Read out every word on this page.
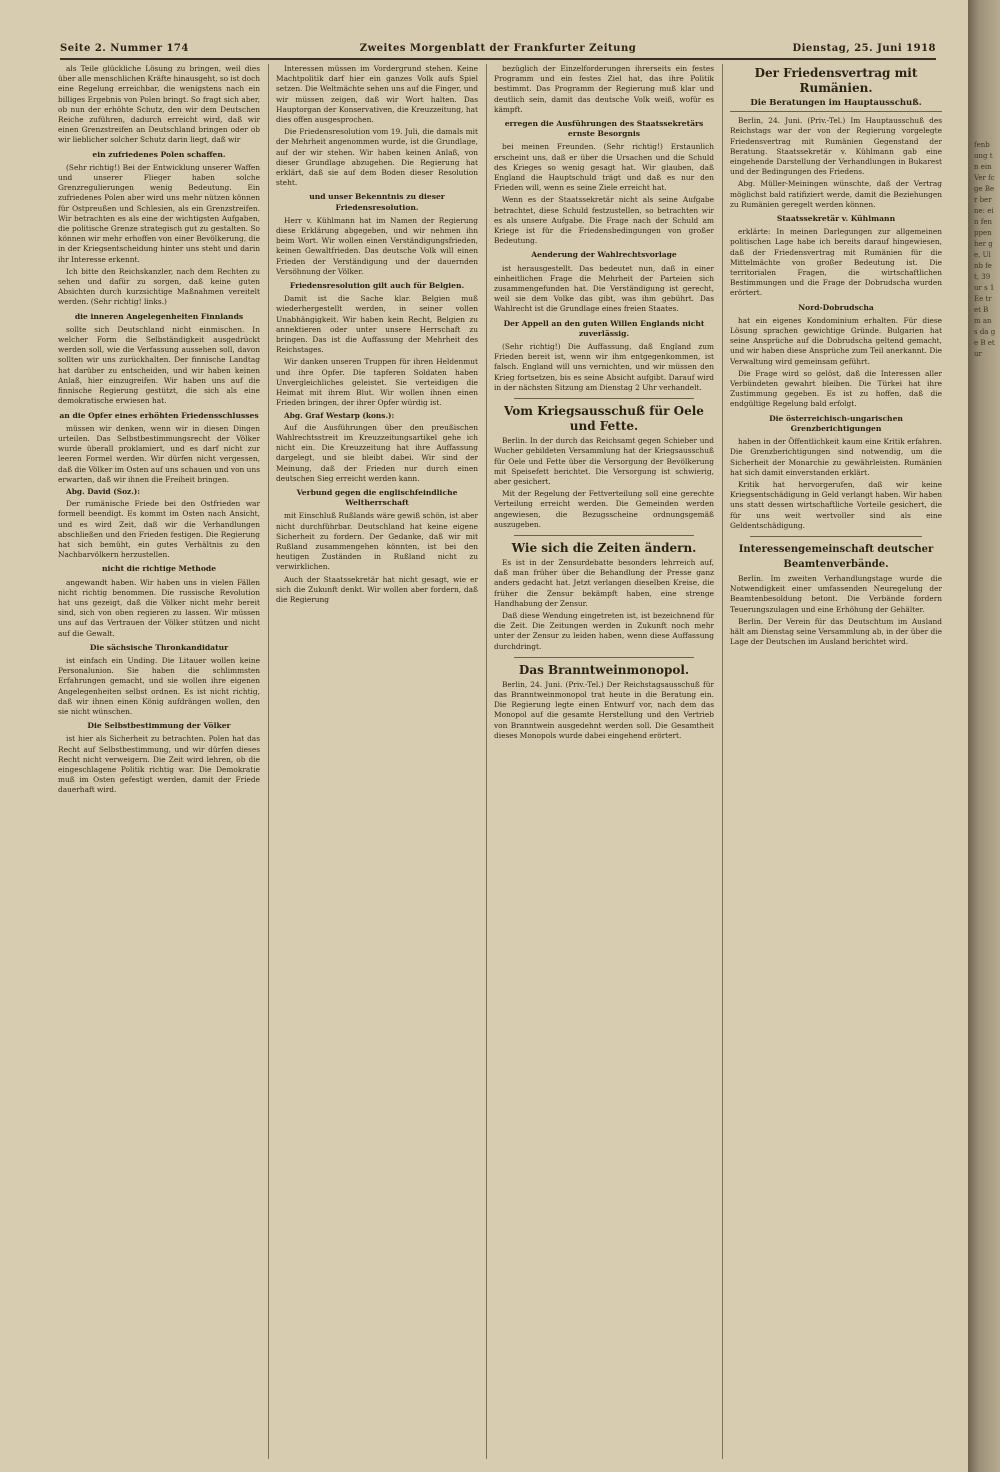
fenb ung tn ein Ver fcge Ber ber ne: ein fen ppen her ge, Ul nb fe t, 39 ur s 1 Ee tr et B m an s da ge B et ur
Seite 2. Nummer 174	Zweites Morgenblatt der Frankfurter Zeitung	Dienstag, 25. Juni 1918

als Teile glückliche Lösung zu bringen, weil dies über alle menschlichen Kräfte hinausgeht, so ist doch eine Regelung erreichbar, die wenigstens nach ein billiges Ergebnis von Polen bringt. So fragt sich aber, ob nun der erhöhte Schutz, den wir dem Deutschen Reiche zuführen, dadurch erreicht wird, daß wir einen Grenzstreifen an Deutschland bringen oder ob wir lieblicher solcher Schutz darin liegt, daß wir

ein zufriedenes Polen schaffen.

(Sehr richtig!) Bei der Entwicklung unserer Waffen und unserer Flieger haben solche Grenzregulierungen wenig Bedeutung. Ein zufriedenes Polen aber wird uns mehr nützen können für Ostpreußen und Schlesien, als ein Grenzstreifen. Wir betrachten es als eine der wichtigsten Aufgaben, die politische Grenze strategisch gut zu gestalten. So können wir mehr erhoffen von einer Bevölkerung, die in der Kriegsentscheidung hinter uns steht und darin ihr Interesse erkennt.

Ich bitte den Reichskanzler, nach dem Rechten zu sehen und dafür zu sorgen, daß keine guten Absichten durch kurzsichtige Maßnahmen vereitelt werden. (Sehr richtig! links.)

die inneren Angelegenheiten Finnlands

sollte sich Deutschland nicht einmischen. In welcher Form die Selbständigkeit ausgedrückt werden soll, wie die Verfassung aussehen soll, davon sollten wir uns zurückhalten. Der finnische Landtag hat darüber zu entscheiden, und wir haben keinen Anlaß, hier einzugreifen. Wir haben uns auf die finnische Regierung gestützt, die sich als eine demokratische erwiesen hat.

an die Opfer eines erhöhten Friedensschlusses

müssen wir denken, wenn wir in diesen Dingen urteilen. Das Selbstbestimmungsrecht der Völker wurde überall proklamiert, und es darf nicht zur leeren Formel werden. Wir dürfen nicht vergessen, daß die Völker im Osten auf uns schauen und von uns erwarten, daß wir ihnen die Freiheit bringen.

Abg. David (Soz.):

Der rumänische Friede bei den Ostfrieden war formell beendigt. Es kommt im Osten nach Ansicht, und es wird Zeit, daß wir die Verhandlungen abschließen und den Frieden festigen. Die Regierung hat sich bemüht, ein gutes Verhältnis zu den Nachbarvölkern herzustellen.

nicht die richtige Methode

angewandt haben. Wir haben uns in vielen Fällen nicht richtig benommen. Die russische Revolution hat uns gezeigt, daß die Völker nicht mehr bereit sind, sich von oben regieren zu lassen. Wir müssen uns auf das Vertrauen der Völker stützen und nicht auf die Gewalt.

Die sächsische Thronkandidatur

ist einfach ein Unding. Die Litauer wollen keine Personalunion. Sie haben die schlimmsten Erfahrungen gemacht, und sie wollen ihre eigenen Angelegenheiten selbst ordnen. Es ist nicht richtig, daß wir ihnen einen König aufdrängen wollen, den sie nicht wünschen.

Die Selbstbestimmung der Völker

ist hier als Sicherheit zu betrachten. Polen hat das Recht auf Selbstbestimmung, und wir dürfen dieses Recht nicht verweigern. Die Zeit wird lehren, ob die eingeschlagene Politik richtig war. Die Demokratie muß im Osten gefestigt werden, damit der Friede dauerhaft wird.

Interessen müssen im Vordergrund stehen. Keine Machtpolitik darf hier ein ganzes Volk aufs Spiel setzen. Die Weltmächte sehen uns auf die Finger, und wir müssen zeigen, daß wir Wort halten. Das Hauptorgan der Konservativen, die Kreuzzeitung, hat dies offen ausgesprochen.

Die Friedensresolution vom 19. Juli, die damals mit der Mehrheit angenommen wurde, ist die Grundlage, auf der wir stehen. Wir haben keinen Anlaß, von dieser Grundlage abzugehen. Die Regierung hat erklärt, daß sie auf dem Boden dieser Resolution steht.

und unser Bekenntnis zu dieser Friedensresolution.

Herr v. Kühlmann hat im Namen der Regierung diese Erklärung abgegeben, und wir nehmen ihn beim Wort. Wir wollen einen Verständigungsfrieden, keinen Gewaltfrieden. Das deutsche Volk will einen Frieden der Verständigung und der dauernden Versöhnung der Völker.

Friedensresolution gilt auch für Belgien.

Damit ist die Sache klar. Belgien muß wiederhergestellt werden, in seiner vollen Unabhängigkeit. Wir haben kein Recht, Belgien zu annektieren oder unter unsere Herrschaft zu bringen. Das ist die Auffassung der Mehrheit des Reichstages.

Wir danken unseren Truppen für ihren Heldenmut und ihre Opfer. Die tapferen Soldaten haben Unvergleichliches geleistet. Sie verteidigen die Heimat mit ihrem Blut. Wir wollen ihnen einen Frieden bringen, der ihrer Opfer würdig ist.

Abg. Graf Westarp (kons.):

Auf die Ausführungen über den preußischen Wahlrechtsstreit im Kreuzzeitungsartikel gehe ich nicht ein. Die Kreuzzeitung hat ihre Auffassung dargelegt, und sie bleibt dabei. Wir sind der Meinung, daß der Frieden nur durch einen deutschen Sieg erreicht werden kann.

Verbund gegen die englischfeindliche Weltherrschaft

mit Einschluß Rußlands wäre gewiß schön, ist aber nicht durchführbar. Deutschland hat keine eigene Sicherheit zu fordern. Der Gedanke, daß wir mit Rußland zusammengehen könnten, ist bei den heutigen Zuständen in Rußland nicht zu verwirklichen.

Auch der Staatssekretär hat nicht gesagt, wie er sich die Zukunft denkt. Wir wollen aber fordern, daß die Regierung

bezüglich der Einzelforderungen ihrerseits ein festes Programm und ein festes Ziel hat, das ihre Politik bestimmt. Das Programm der Regierung muß klar und deutlich sein, damit das deutsche Volk weiß, wofür es kämpft.

erregen die Ausführungen des Staatssekretärs ernste Besorgnis

bei meinen Freunden. (Sehr richtig!) Erstaunlich erscheint uns, daß er über die Ursachen und die Schuld des Krieges so wenig gesagt hat. Wir glauben, daß England die Hauptschuld trägt und daß es nur den Frieden will, wenn es seine Ziele erreicht hat.

Wenn es der Staatssekretär nicht als seine Aufgabe betrachtet, diese Schuld festzustellen, so betrachten wir es als unsere Aufgabe. Die Frage nach der Schuld am Kriege ist für die Friedensbedingungen von großer Bedeutung.

Aenderung der Wahlrechtsvorlage

ist herausgestellt. Das bedeutet nun, daß in einer einheitlichen Frage die Mehrheit der Parteien sich zusammengefunden hat. Die Verständigung ist gerecht, weil sie dem Volke das gibt, was ihm gebührt. Das Wahlrecht ist die Grundlage eines freien Staates.

Der Appell an den guten Willen Englands nicht zuverlässig.

(Sehr richtig!) Die Auffassung, daß England zum Frieden bereit ist, wenn wir ihm entgegenkommen, ist falsch. England will uns vernichten, und wir müssen den Krieg fortsetzen, bis es seine Absicht aufgibt. Darauf wird in der nächsten Sitzung am Dienstag 2 Uhr verhandelt.

Vom Kriegsausschuß für Oele und Fette.

Berlin. In der durch das Reichsamt gegen Schieber und Wucher gebildeten Versammlung hat der Kriegsausschuß für Oele und Fette über die Versorgung der Bevölkerung mit Speisefett berichtet. Die Versorgung ist schwierig, aber gesichert.

Mit der Regelung der Fettverteilung soll eine gerechte Verteilung erreicht werden. Die Gemeinden werden angewiesen, die Bezugsscheine ordnungsgemäß auszugeben.

Wie sich die Zeiten ändern.

Es ist in der Zensurdebatte besonders lehrreich auf, daß man früher über die Behandlung der Presse ganz anders gedacht hat. Jetzt verlangen dieselben Kreise, die früher die Zensur bekämpft haben, eine strenge Handhabung der Zensur.

Daß diese Wendung eingetreten ist, ist bezeichnend für die Zeit. Die Zeitungen werden in Zukunft noch mehr unter der Zensur zu leiden haben, wenn diese Auffassung durchdringt.

Das Branntweinmonopol.

Berlin, 24. Juni. (Priv.-Tel.) Der Reichstagsausschuß für das Branntweinmonopol trat heute in die Beratung ein. Die Regierung legte einen Entwurf vor, nach dem das Monopol auf die gesamte Herstellung und den Vertrieb von Branntwein ausgedehnt werden soll. Die Gesamtheit dieses Monopols wurde dabei eingehend erörtert.

Der Friedensvertrag mit Rumänien.
Die Beratungen im Hauptausschuß.

Berlin, 24. Juni. (Priv.-Tel.) Im Hauptausschuß des Reichstags war der von der Regierung vorgelegte Friedensvertrag mit Rumänien Gegenstand der Beratung. Staatssekretär v. Kühlmann gab eine eingehende Darstellung der Verhandlungen in Bukarest und der Bedingungen des Friedens.

Abg. Müller-Meiningen wünschte, daß der Vertrag möglichst bald ratifiziert werde, damit die Beziehungen zu Rumänien geregelt werden können.

Staatssekretär v. Kühlmann

erklärte: In meinen Darlegungen zur allgemeinen politischen Lage habe ich bereits darauf hingewiesen, daß der Friedensvertrag mit Rumänien für die Mittelmächte von großer Bedeutung ist. Die territorialen Fragen, die wirtschaftlichen Bestimmungen und die Frage der Dobrudscha wurden erörtert.

Nord-Dobrudscha

hat ein eigenes Kondominium erhalten. Für diese Lösung sprachen gewichtige Gründe. Bulgarien hat seine Ansprüche auf die Dobrudscha geltend gemacht, und wir haben diese Ansprüche zum Teil anerkannt. Die Verwaltung wird gemeinsam geführt.

Die Frage wird so gelöst, daß die Interessen aller Verbündeten gewahrt bleiben. Die Türkei hat ihre Zustimmung gegeben. Es ist zu hoffen, daß die endgültige Regelung bald erfolgt.

Die österreichisch-ungarischen Grenzberichtigungen

haben in der Öffentlichkeit kaum eine Kritik erfahren. Die Grenzberichtigungen sind notwendig, um die Sicherheit der Monarchie zu gewährleisten. Rumänien hat sich damit einverstanden erklärt.

Kritik hat hervorgerufen, daß wir keine Kriegsentschädigung in Geld verlangt haben. Wir haben uns statt dessen wirtschaftliche Vorteile gesichert, die für uns weit wertvoller sind als eine Geldentschädigung.

Interessengemeinschaft deutscher Beamtenverbände.

Berlin. Im zweiten Verhandlungstage wurde die Notwendigkeit einer umfassenden Neuregelung der Beamtenbesoldung betont. Die Verbände fordern Teuerungszulagen und eine Erhöhung der Gehälter.

Berlin. Der Verein für das Deutschtum im Ausland hält am Dienstag seine Versammlung ab, in der über die Lage der Deutschen im Ausland berichtet wird.
